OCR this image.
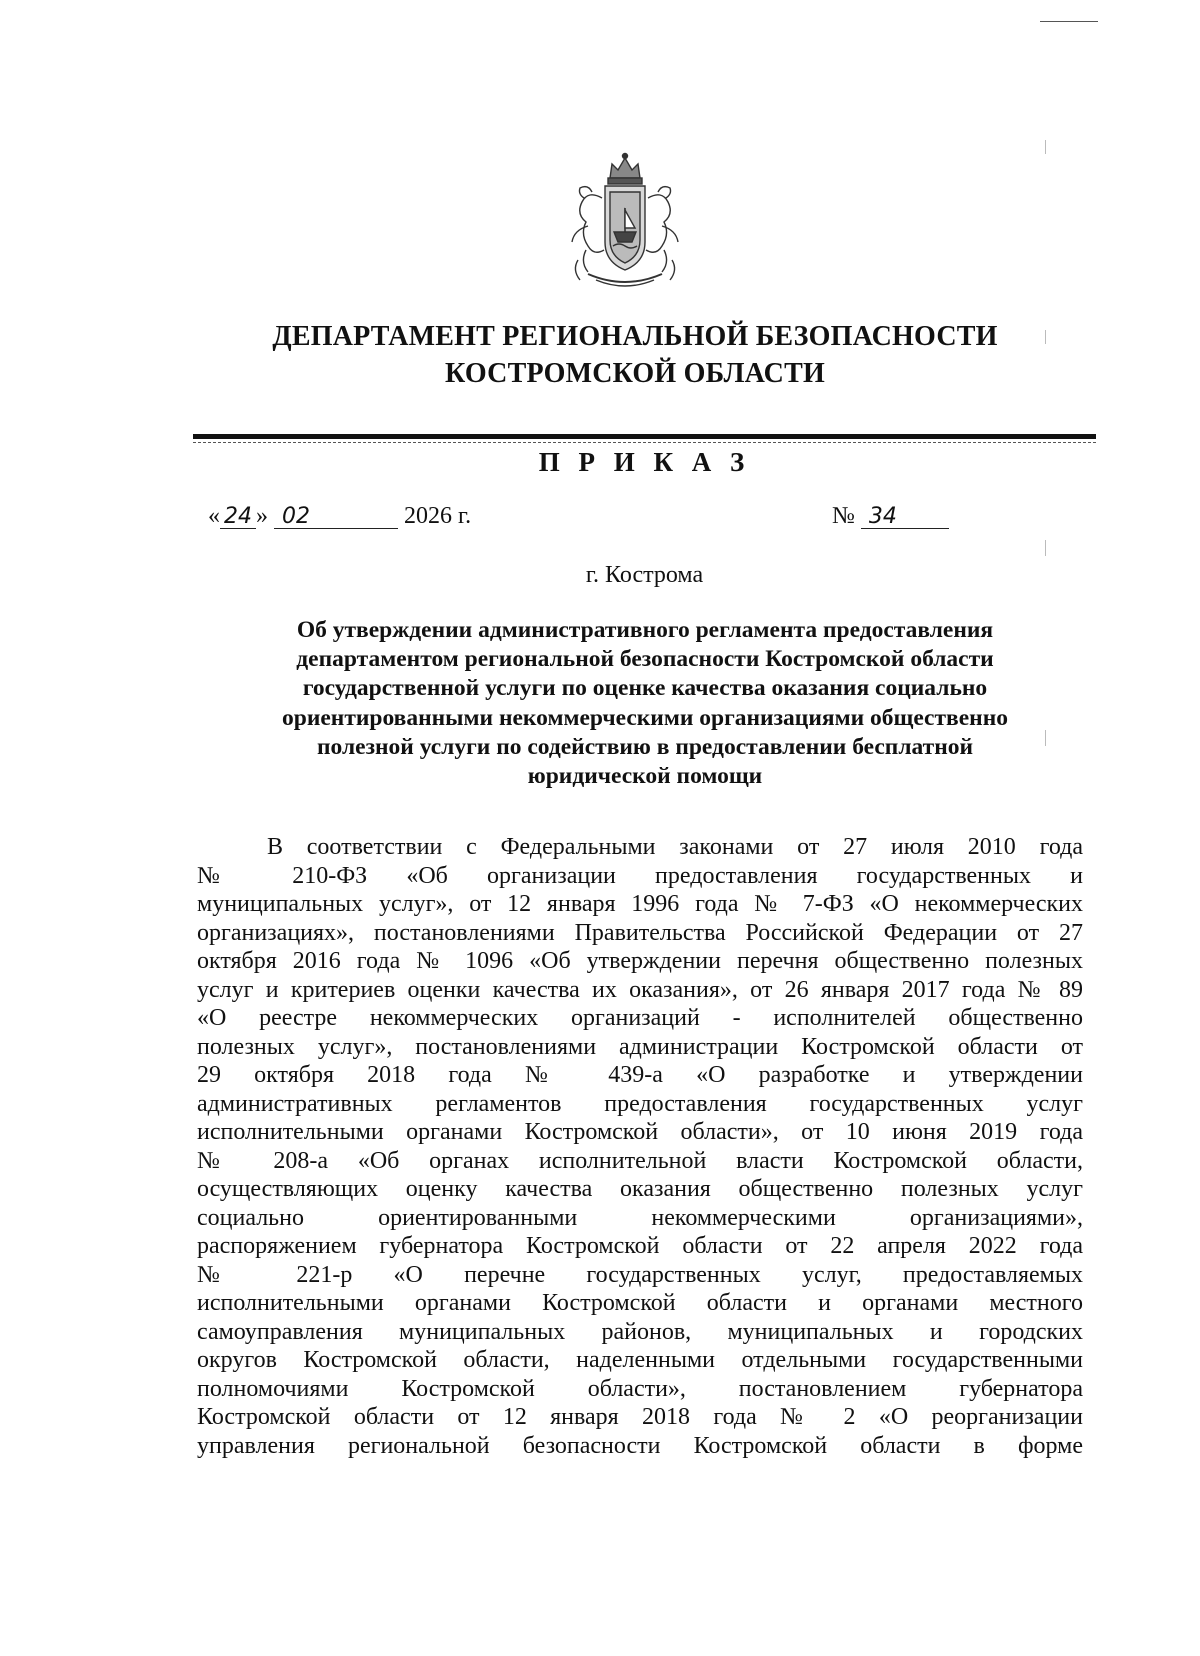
ДЕПАРТАМЕНТ РЕГИОНАЛЬНОЙ БЕЗОПАСНОСТИ
КОСТРОМСКОЙ ОБЛАСТИ
П Р И К А З
« 24 » 02	2026 г.	№ 34
г. Кострома
Об утверждении административного регламента предоставления
департаментом региональной безопасности Костромской области
государственной услуги по оценке качества оказания социально
ориентированными некоммерческими организациями общественно
полезной услуги по содействию в предоставлении бесплатной
юридической помощи
В соответствии с Федеральными законами от 27 июля 2010 года
№ 210-ФЗ «Об организации предоставления государственных и
муниципальных услуг», от 12 января 1996 года № 7-ФЗ «О некоммерческих
организациях», постановлениями Правительства Российской Федерации от 27
октября 2016 года № 1096 «Об утверждении перечня общественно полезных
услуг и критериев оценки качества их оказания», от 26 января 2017 года № 89
«О реестре некоммерческих организаций - исполнителей общественно
полезных услуг», постановлениями администрации Костромской области от
29 октября 2018 года № 439-а «О разработке и утверждении
административных регламентов предоставления государственных услуг
исполнительными органами Костромской области», от 10 июня 2019 года
№ 208-а «Об органах исполнительной власти Костромской области,
осуществляющих оценку качества оказания общественно полезных услуг
социально ориентированными некоммерческими организациями»,
распоряжением губернатора Костромской области от 22 апреля 2022 года
№ 221-р «О перечне государственных услуг, предоставляемых
исполнительными органами Костромской области и органами местного
самоуправления муниципальных районов, муниципальных и городских
округов Костромской области, наделенными отдельными государственными
полномочиями Костромской области», постановлением губернатора
Костромской области от 12 января 2018 года № 2 «О реорганизации
управления региональной безопасности Костромской области в форме
